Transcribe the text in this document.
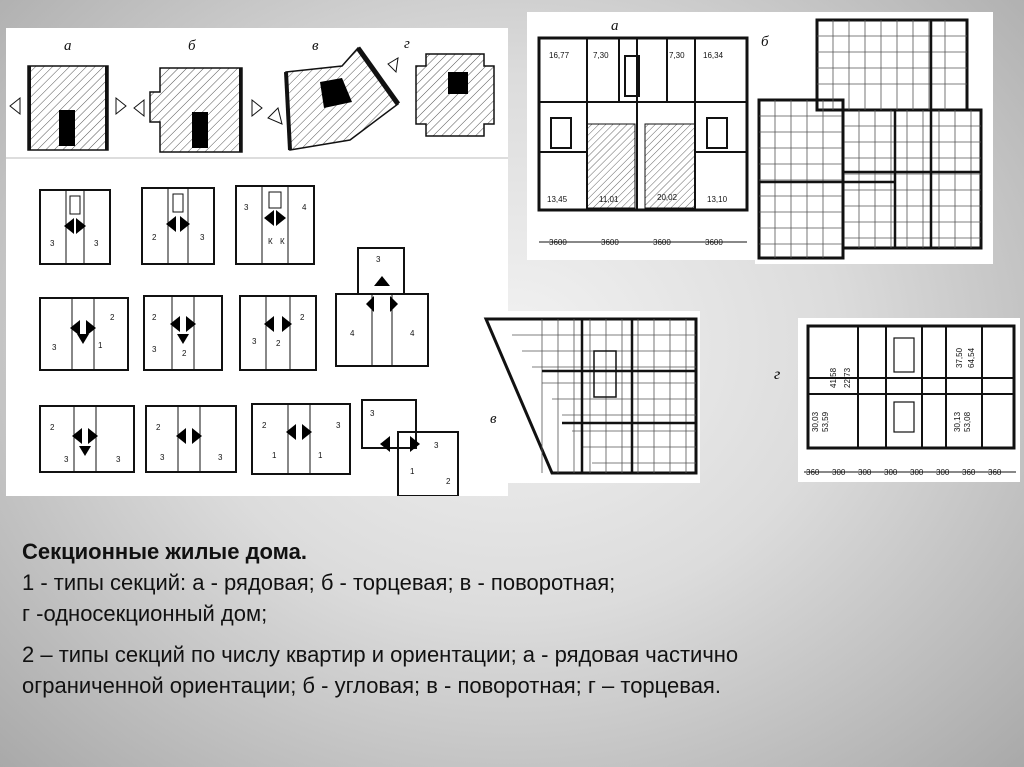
а	б	в	г
3	3
2	3
3	4
К К
3
4	4
3	1
2	2
2
3
3 2
2
2
3	3
2
3	3
2
1	1
3
3
3
1
2
а
16,77	7,30	7,30 16,34
13,45	11,01	20,02	13,10
3600	3600	3600	3600
б
в
41,58 22,73
37,50 64,54
53,59
30,03	53,08
30,13
360 300 300 300 300 300 360 360
г

Секционные жилые дома.

1 - типы секций: а - рядовая; б - торцевая; в - поворотная;

г -односекционный дом;

2 – типы секций по числу квартир и ориентации; а - рядовая частично

ограниченной ориентации; б - угловая; в - поворотная; г – торцевая.
